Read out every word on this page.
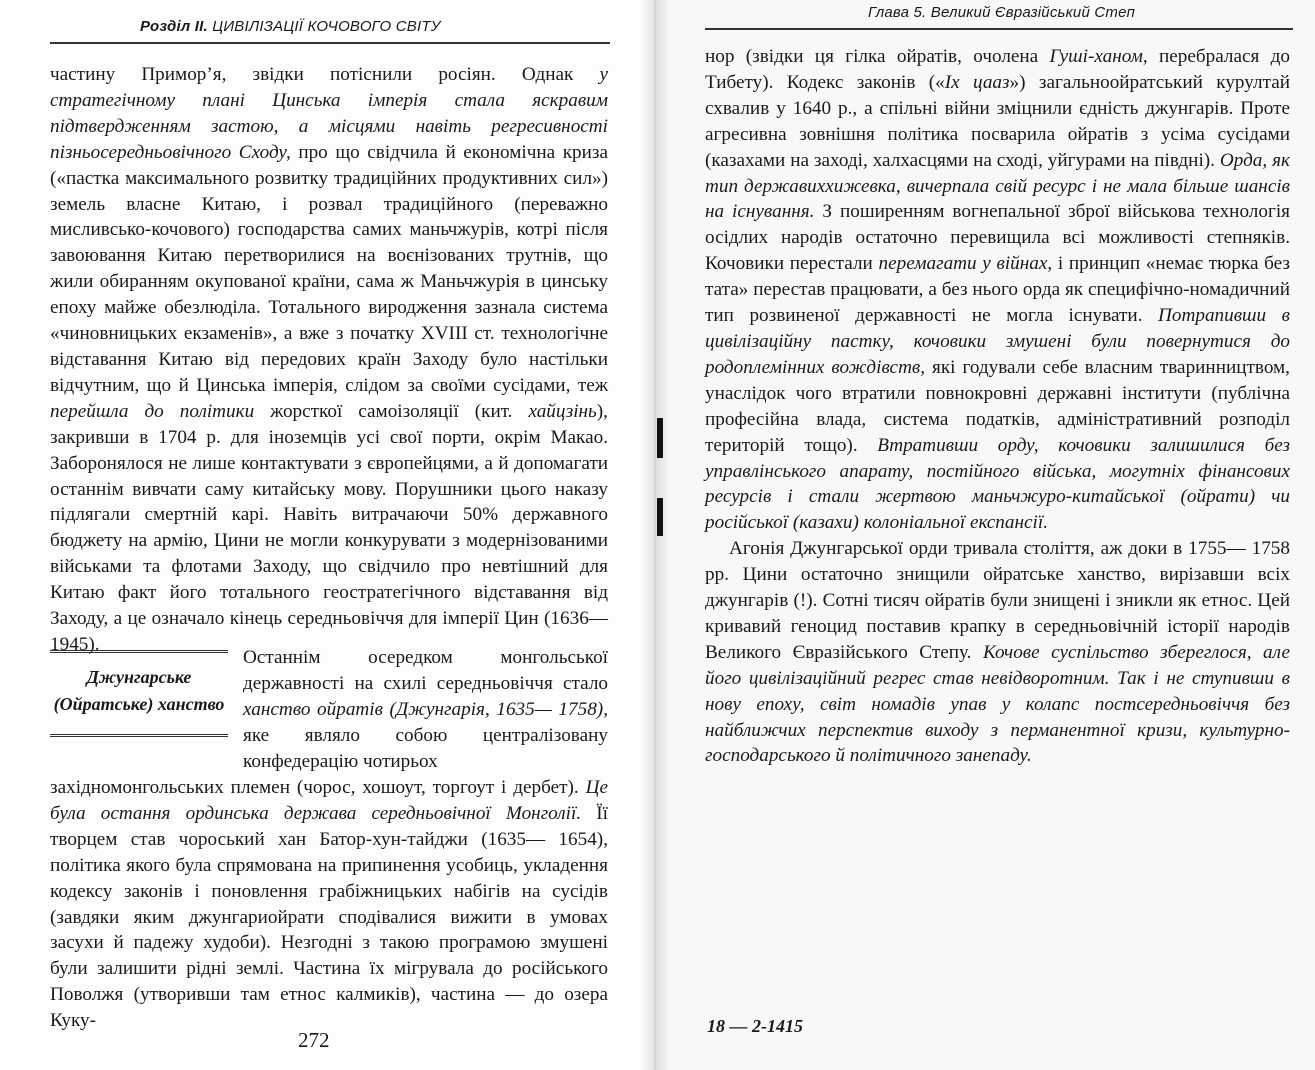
Розділ ІІ. ЦИВІЛІЗАЦІЇ КОЧОВОГО СВІТУ

частину Примор’я, звідки потіснили росіян. Однак у стратегічному плані Цинська імперія стала яскравим підтвердженням застою, а місцями навіть регресивності пізньосередньовічного Сходу, про що свідчила й економічна криза («пастка максимального розвитку традиційних продуктивних сил») земель власне Китаю, і розвал традиційного (переважно мисливсько-кочового) господарства самих маньчжурів, котрі після завоювання Китаю перетворилися на воєнізованих трутнів, що жили обиранням окупованої країни, сама ж Маньчжурія в цинську епоху майже обезлюділа. Тотального виродження зазнала система «чиновницьких екзаменів», а вже з початку XVIII ст. технологічне відставання Китаю від передових країн Заходу було настільки відчутним, що й Цинська імперія, слідом за своїми сусідами, теж перейшла до політики жорсткої самоізоляції (кит. хайцзінь), закривши в 1704 р. для іноземців усі свої порти, окрім Макао. Заборонялося не лише контактувати з європейцями, а й допомагати останнім вивчати саму китайську мову. Порушники цього наказу підлягали смертній карі. Навіть витрачаючи 50% державного бюджету на армію, Цини не могли конкурувати з модернізованими військами та флотами Заходу, що свідчило про невтішний для Китаю факт його тотального геостратегічного відставання від Заходу, а це означало кінець середньовіччя для імперії Цин (1636— 1945).

Джунгарське (Ойратське) ханство

Останнім осередком монгольської державності на схилі середньовіччя стало ханство ойратів (Джунгарія, 1635— 1758), яке являло собою централізовану конфедерацію чотирьох

західномонгольських племен (чорос, хошоут, торгоут і дербет). Це була остання ординська держава середньовічної Монголії. Її творцем став чороський хан Батор-хун-тайджи (1635— 1654), політика якого була спрямована на припинення усобиць, укладення кодексу законів і поновлення грабіжницьких набігів на сусідів (завдяки яким джунгариойрати сподівалися вижити в умовах засухи й падежу худоби). Незгодні з такою програмою змушені були залишити рідні землі. Частина їх мігрувала до російського Поволжя (утворивши там етнос калмиків), частина — до озера Куку-

272
Глава 5. Великий Євразійський Степ

нор (звідки ця гілка ойратів, очолена Гуші-ханом, перебралася до Тибету). Кодекс законів («Іх цааз») загальноойратський курултай схвалив у 1640 р., а спільні війни зміцнили єдність джунгарів. Проте агресивна зовнішня політика посварила ойратів з усіма сусідами (казахами на заході, халхасцями на сході, уйгурами на півдні). Орда, як тип державиххижевка, вичерпала свій ресурс і не мала більше шансів на існування. З поширенням вогнепальної зброї військова технологія осідлих народів остаточно перевищила всі можливості степняків. Кочовики перестали перемагати у війнах, і принцип «немає тюрка без тата» перестав працювати, а без нього орда як специфічно-номадичний тип розвиненої державності не могла існувати. Потрапивши в цивілізаційну пастку, кочовики змушені були повернутися до родоплемінних вождівств, які годували себе власним тваринництвом, унаслідок чого втратили повнокровні державні інститути (публічна професійна влада, система податків, адміністративний розподіл територій тощо). Втративши орду, кочовики залишилися без управлінського апарату, постійного війська, могутніх фінансових ресурсів і стали жертвою маньчжуро-китайської (ойрати) чи російської (казахи) колоніальної експансії.

Агонія Джунгарської орди тривала століття, аж доки в 1755— 1758 рр. Цини остаточно знищили ойратське ханство, вирізавши всіх джунгарів (!). Сотні тисяч ойратів були знищені і зникли як етнос. Цей кривавий геноцид поставив крапку в середньовічній історії народів Великого Євразійського Степу. Кочове суспільство збереглося, але його цивілізаційний регрес став невідворотним. Так і не ступивши в нову епоху, світ номадів упав у колапс постсередньовіччя без найближчих перспектив виходу з перманентної кризи, культурно-господарського й політичного занепаду.

18 — 2-1415
